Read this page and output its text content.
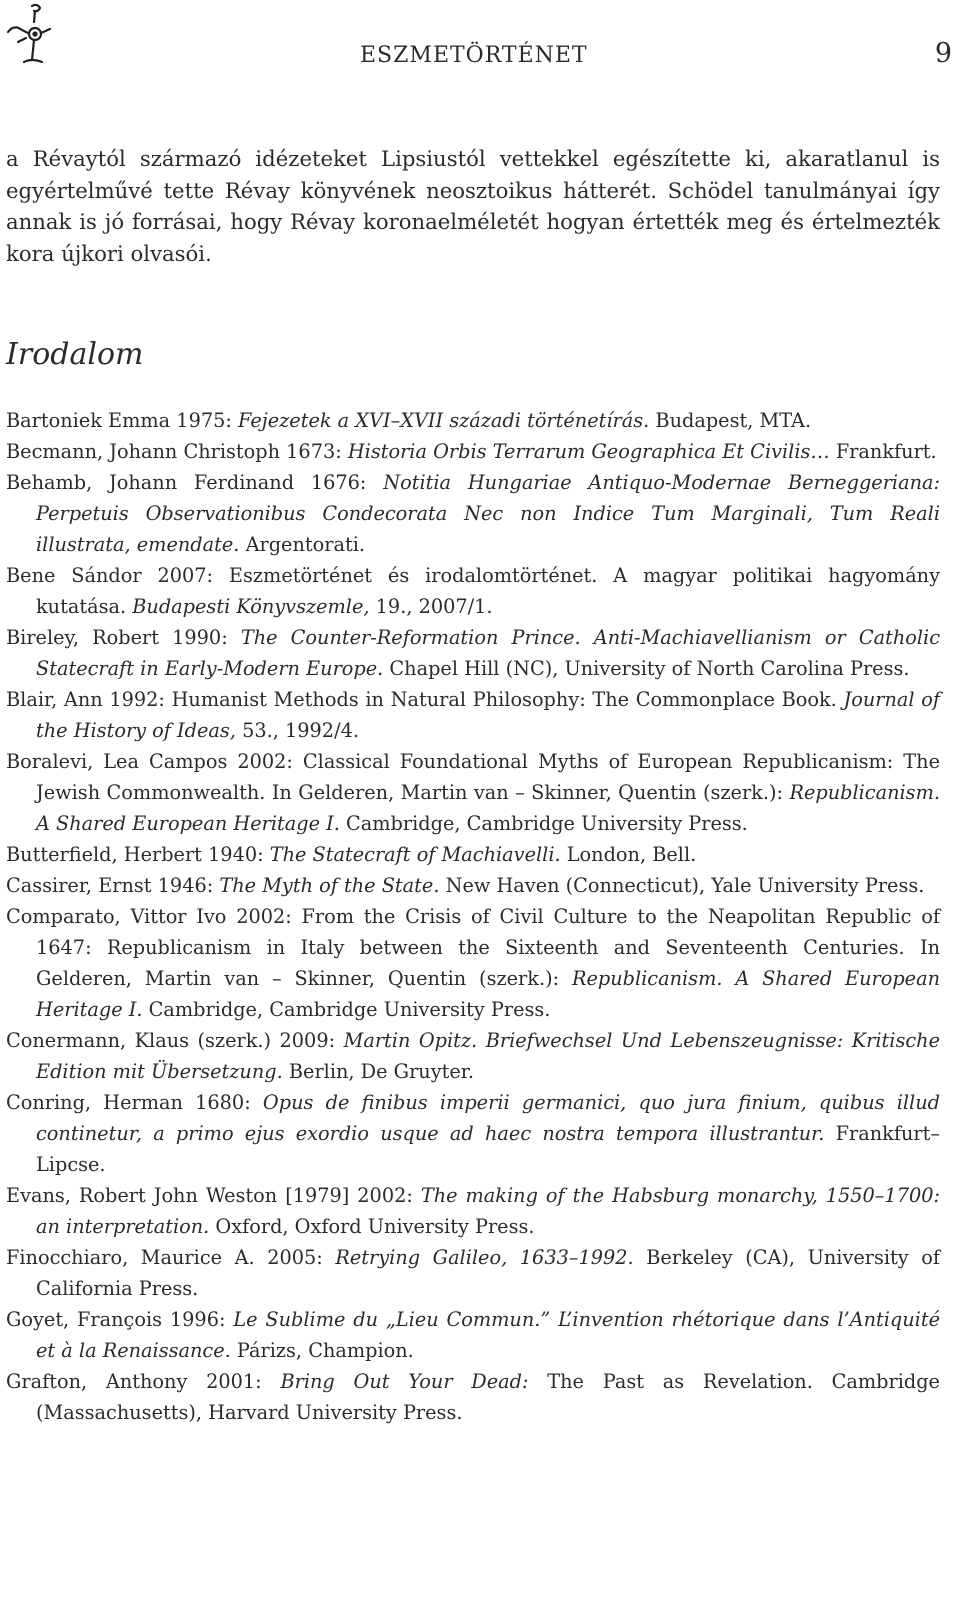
ESZMETÖRTÉNET	9

a Révaytól származó idézeteket Lipsiustól vettekkel egészítette ki, akaratlanul is egyértelművé tette Révay könyvének neosztoikus hátterét. Schödel tanulmányai így annak is jó forrásai, hogy Révay koronaelméletét hogyan értették meg és értelmezték kora újkori olvasói.

Irodalom
Bartoniek Emma 1975: Fejezetek a XVI–XVII századi történetírás. Budapest, MTA.
Becmann, Johann Christoph 1673: Historia Orbis Terrarum Geographica Et Civilis… Frankfurt.
Behamb, Johann Ferdinand 1676: Notitia Hungariae Antiquo-Modernae Berneggeriana: Perpetuis Observationibus Condecorata Nec non Indice Tum Marginali, Tum Reali illustrata, emendate. Argentorati.
Bene Sándor 2007: Eszmetörténet és irodalomtörténet. A magyar politikai hagyomány kutatása. Budapesti Könyvszemle, 19., 2007/1.
Bireley, Robert 1990: The Counter-Reformation Prince. Anti-Machiavellianism or Catholic Statecraft in Early-Modern Europe. Chapel Hill (NC), University of North Carolina Press.
Blair, Ann 1992: Humanist Methods in Natural Philosophy: The Commonplace Book. Journal of the History of Ideas, 53., 1992/4.
Boralevi, Lea Campos 2002: Classical Foundational Myths of European Republicanism: The Jewish Commonwealth. In Gelderen, Martin van – Skinner, Quentin (szerk.): Republicanism. A Shared European Heritage I. Cambridge, Cambridge University Press.
Butterfield, Herbert 1940: The Statecraft of Machiavelli. London, Bell.
Cassirer, Ernst 1946: The Myth of the State. New Haven (Connecticut), Yale University Press.
Comparato, Vittor Ivo 2002: From the Crisis of Civil Culture to the Neapolitan Republic of 1647: Republicanism in Italy between the Sixteenth and Seventeenth Centuries. In Gelderen, Martin van – Skinner, Quentin (szerk.): Republicanism. A Shared European Heritage I. Cambridge, Cambridge University Press.
Conermann, Klaus (szerk.) 2009: Martin Opitz. Briefwechsel Und Lebenszeugnisse: Kritische Edition mit Übersetzung. Berlin, De Gruyter.
Conring, Herman 1680: Opus de finibus imperii germanici, quo jura finium, quibus illud continetur, a primo ejus exordio usque ad haec nostra tempora illustrantur. Frankfurt–Lipcse.
Evans, Robert John Weston [1979] 2002: The making of the Habsburg monarchy, 1550–1700: an interpretation. Oxford, Oxford University Press.
Finocchiaro, Maurice A. 2005: Retrying Galileo, 1633–1992. Berkeley (CA), University of California Press.
Goyet, François 1996: Le Sublime du „Lieu Commun.” L’invention rhétorique dans l’Antiquité et à la Renaissance. Párizs, Champion.
Grafton, Anthony 2001: Bring Out Your Dead: The Past as Revelation. Cambridge (Massachusetts), Harvard University Press.
